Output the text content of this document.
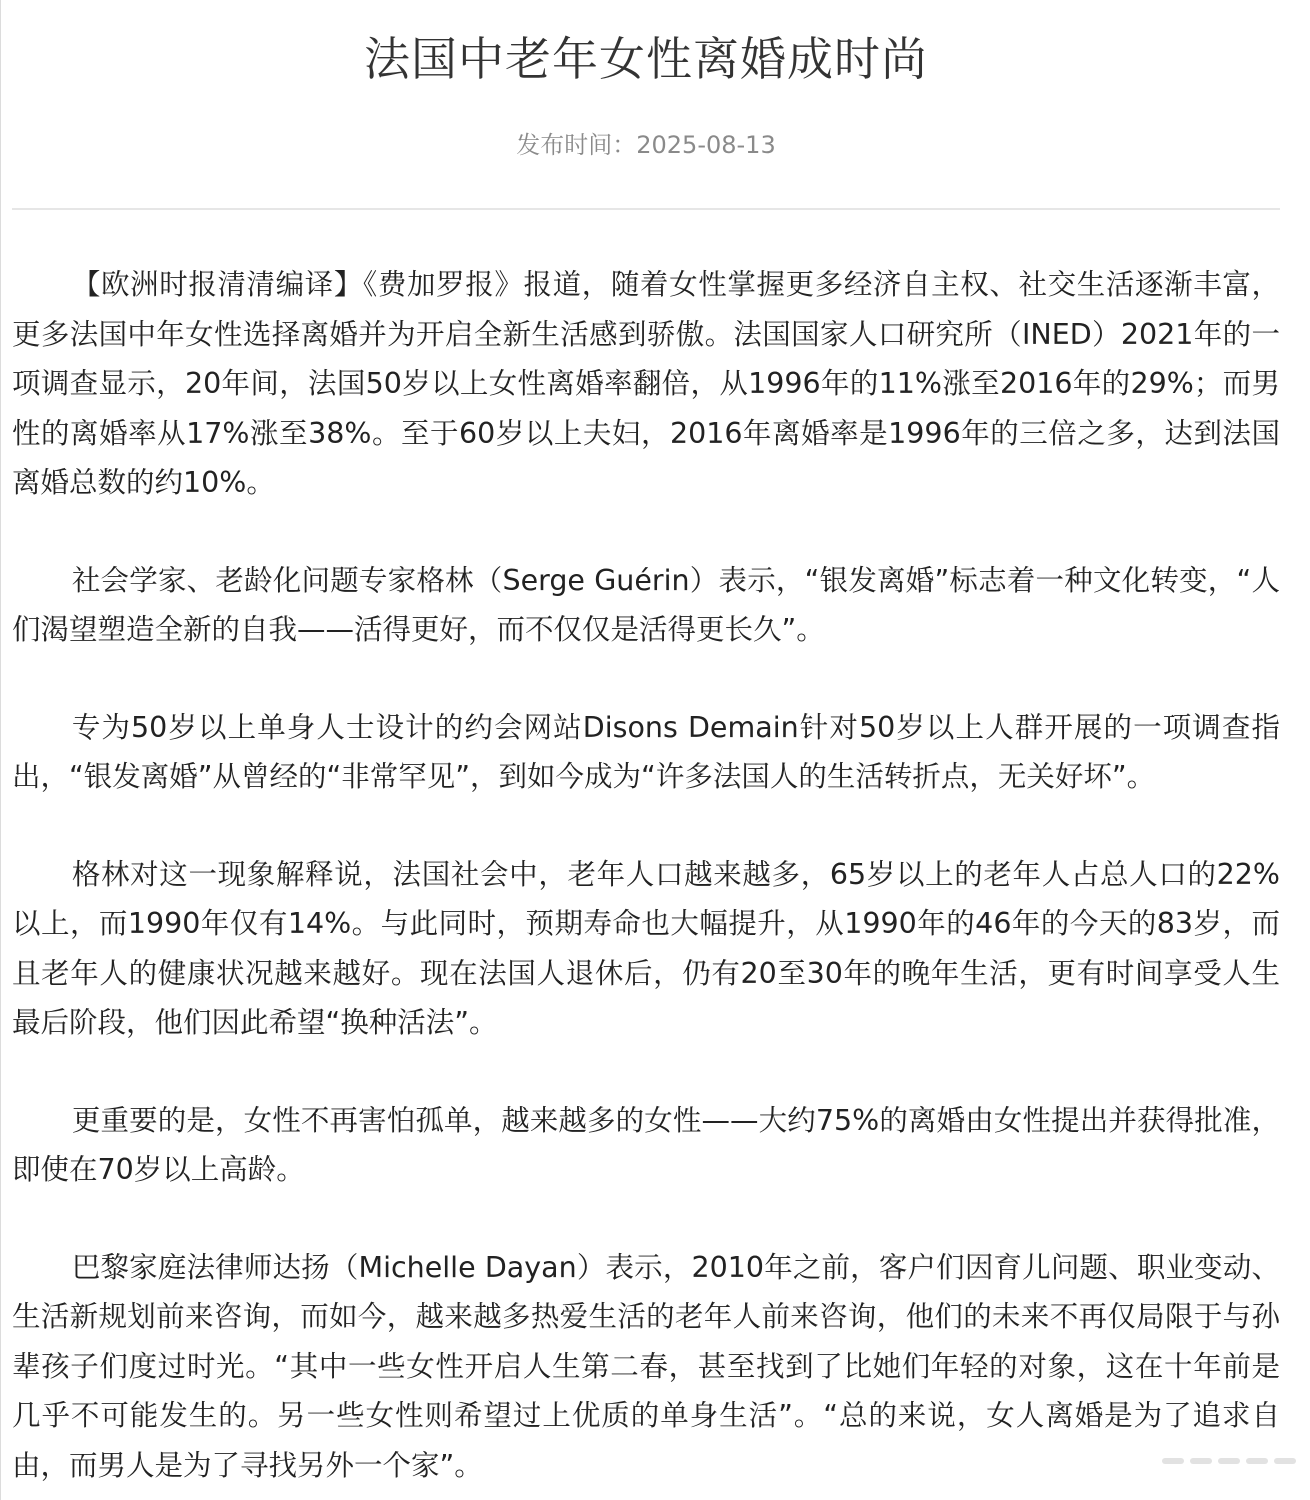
法国中老年女性离婚成时尚
发布时间：2025-08-13

【欧洲时报清清编译】《费加罗报》报道，随着女性掌握更多经济自主权、社交生活逐渐丰富，更多法国中年女性选择离婚并为开启全新生活感到骄傲。法国国家人口研究所（INED）2021年的一项调查显示，20年间，法国50岁以上女性离婚率翻倍，从1996年的11%涨至2016年的29%；而男性的离婚率从17%涨至38%。至于60岁以上夫妇，2016年离婚率是1996年的三倍之多，达到法国离婚总数的约10%。

社会学家、老龄化问题专家格林（Serge Guérin）表示，“银发离婚”标志着一种文化转变，“人们渴望塑造全新的自我——活得更好，而不仅仅是活得更长久”。

专为50岁以上单身人士设计的约会网站Disons Demain针对50岁以上人群开展的一项调查指出，“银发离婚”从曾经的“非常罕见”，到如今成为“许多法国人的生活转折点，无关好坏”。

格林对这一现象解释说，法国社会中，老年人口越来越多，65岁以上的老年人占总人口的22%以上，而1990年仅有14%。与此同时，预期寿命也大幅提升，从1990年的46年的今天的83岁，而且老年人的健康状况越来越好。现在法国人退休后，仍有20至30年的晚年生活，更有时间享受人生最后阶段，他们因此希望“换种活法”。

更重要的是，女性不再害怕孤单，越来越多的女性——大约75%的离婚由女性提出并获得批准，即使在70岁以上高龄。

巴黎家庭法律师达扬（Michelle Dayan）表示，2010年之前，客户们因育儿问题、职业变动、生活新规划前来咨询，而如今，越来越多热爱生活的老年人前来咨询，他们的未来不再仅局限于与孙辈孩子们度过时光。“其中一些女性开启人生第二春，甚至找到了比她们年轻的对象，这在十年前是几乎不可能发生的。另一些女性则希望过上优质的单身生活”。“总的来说，女人离婚是为了追求自由，而男人是为了寻找另外一个家”。
